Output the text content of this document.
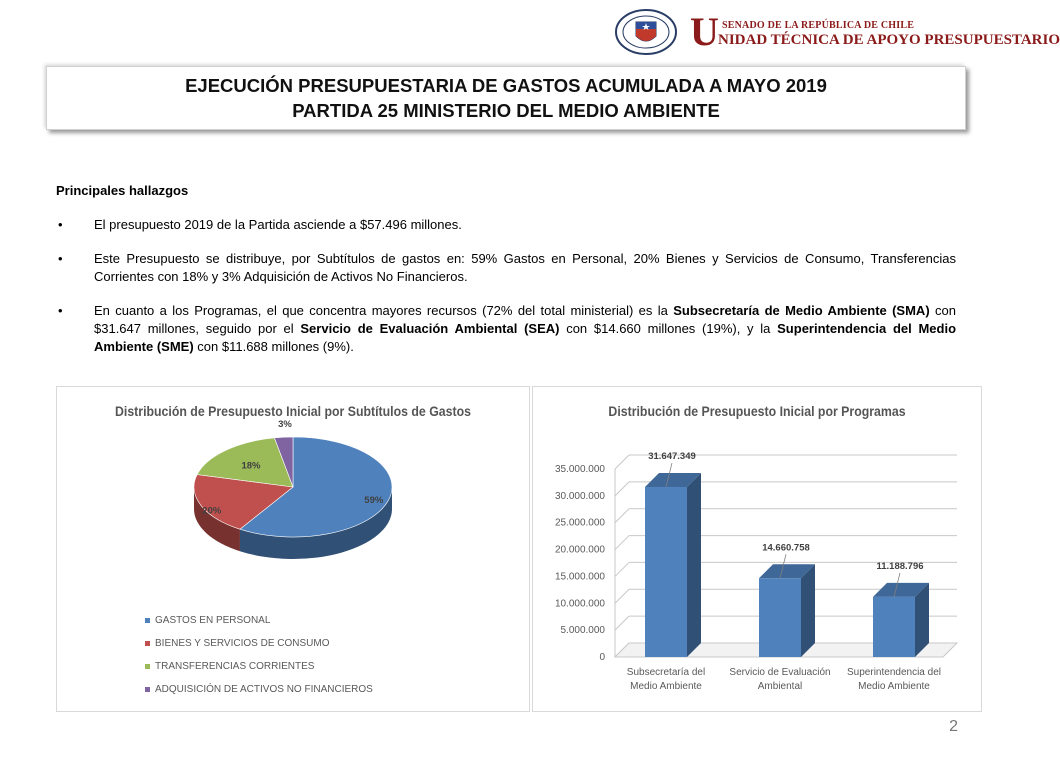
U SENADO DE LA REPÚBLICA DE CHILE
NIDAD TÉCNICA DE APOYO PRESUPUESTARIO
EJECUCIÓN PRESUPUESTARIA DE GASTOS ACUMULADA A MAYO 2019
PARTIDA 25 MINISTERIO DEL MEDIO AMBIENTE
Principales hallazgos
• El presupuesto 2019 de la Partida asciende a $57.496 millones.
• Este Presupuesto se distribuye, por Subtítulos de gastos en: 59% Gastos en Personal, 20% Bienes y Servicios de Consumo, Transferencias Corrientes con 18% y 3% Adquisición de Activos No Financieros.
• En cuanto a los Programas, el que concentra mayores recursos (72% del total ministerial) es la Subsecretaría de Medio Ambiente (SMA) con $31.647 millones, seguido por el Servicio de Evaluación Ambiental (SEA) con $14.660 millones (19%), y la Superintendencia del Medio Ambiente (SME) con $11.688 millones (9%).
Distribución de Presupuesto Inicial por Subtítulos de Gastos
59%
20%
18%
3%
GASTOS EN PERSONAL
BIENES Y SERVICIOS DE CONSUMO
TRANSFERENCIAS CORRIENTES
ADQUISICIÓN DE ACTIVOS NO FINANCIEROS
Distribución de Presupuesto Inicial por Programas
0
5.000.000
10.000.000
15.000.000
20.000.000
25.000.000
30.000.000
35.000.000
31.647.349
Subsecretaría del
Medio Ambiente
14.660.758
Servicio de Evaluación
Ambiental
11.188.796
Superintendencia del
Medio Ambiente
2
